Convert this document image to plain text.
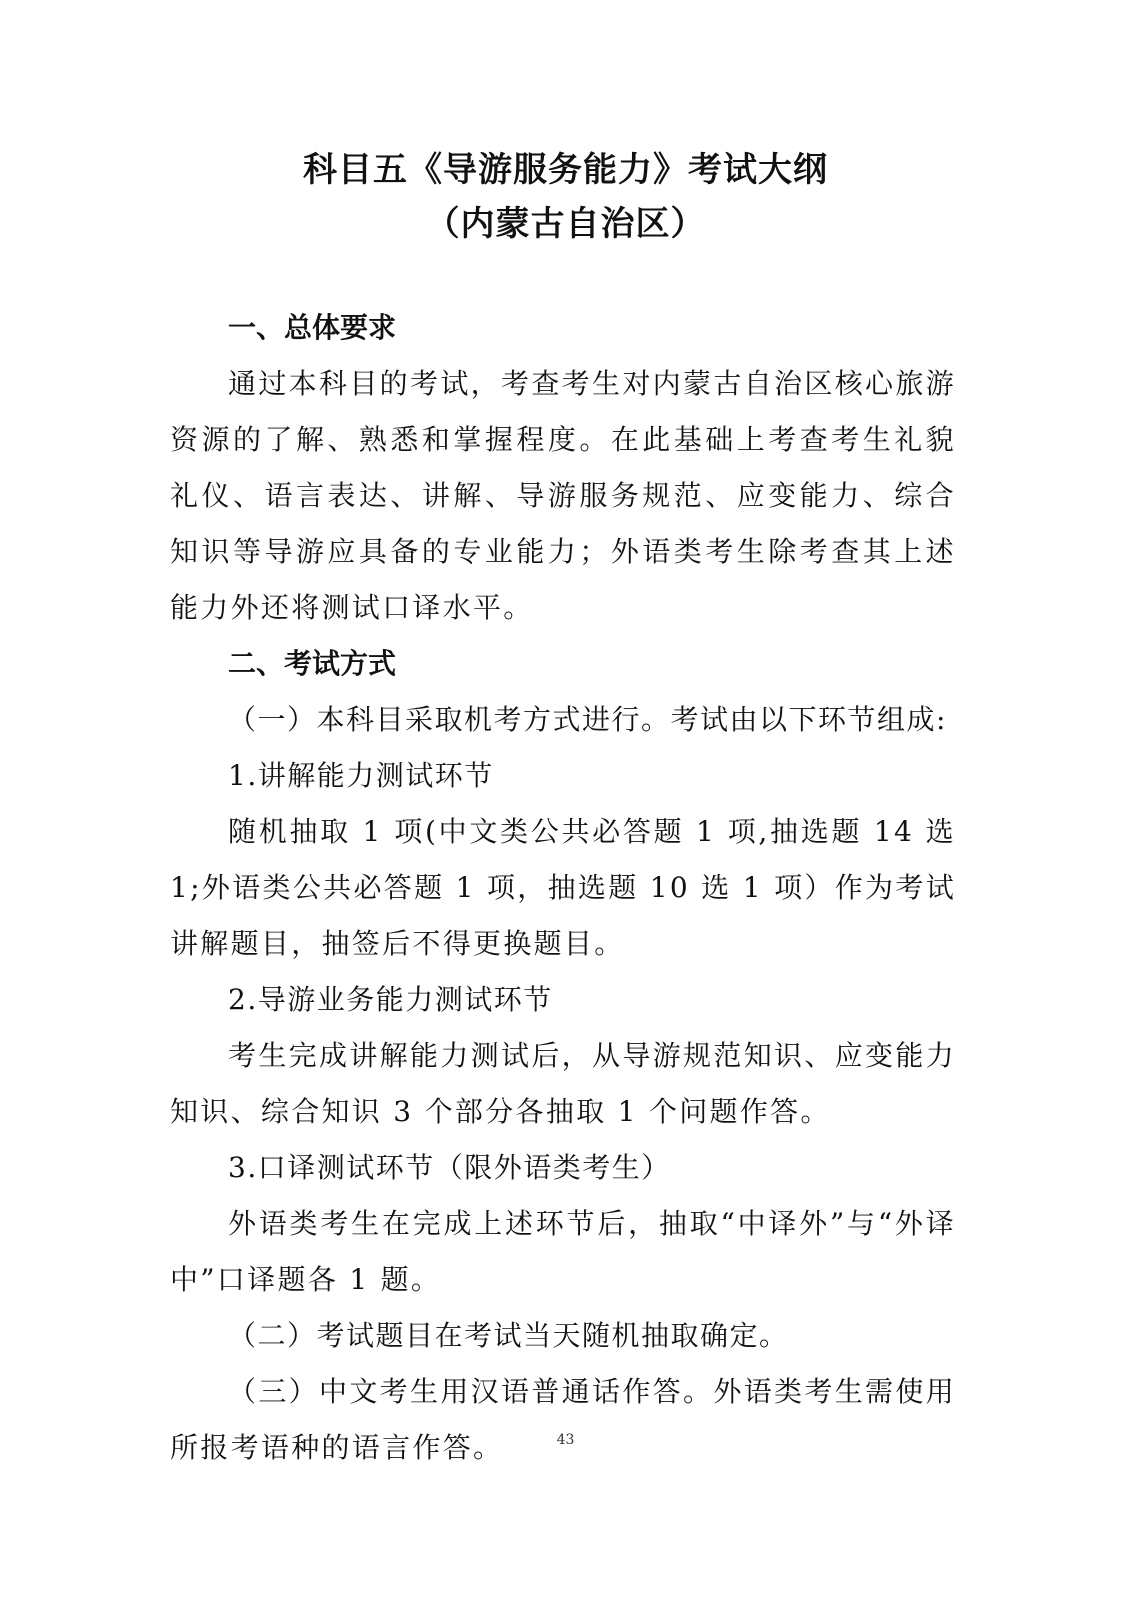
科目五《导游服务能力》考试大纲
（内蒙古自治区）

一、总体要求

通过本科目的考试，考查考生对内蒙古自治区核心旅游资源的了解、熟悉和掌握程度。在此基础上考查考生礼貌礼仪、语言表达、讲解、导游服务规范、应变能力、综合知识等导游应具备的专业能力；外语类考生除考查其上述能力外还将测试口译水平。

二、考试方式

（一）本科目采取机考方式进行。考试由以下环节组成:

1.讲解能力测试环节

随机抽取 1 项(中文类公共必答题 1 项,抽选题 14 选 1;外语类公共必答题 1 项，抽选题 10 选 1 项）作为考试讲解题目，抽签后不得更换题目。

2.导游业务能力测试环节

考生完成讲解能力测试后，从导游规范知识、应变能力知识、综合知识 3 个部分各抽取 1 个问题作答。

3.口译测试环节（限外语类考生）

外语类考生在完成上述环节后，抽取“中译外”与“外译中”口译题各 1 题。

（二）考试题目在考试当天随机抽取确定。

（三）中文考生用汉语普通话作答。外语类考生需使用所报考语种的语言作答。	43
